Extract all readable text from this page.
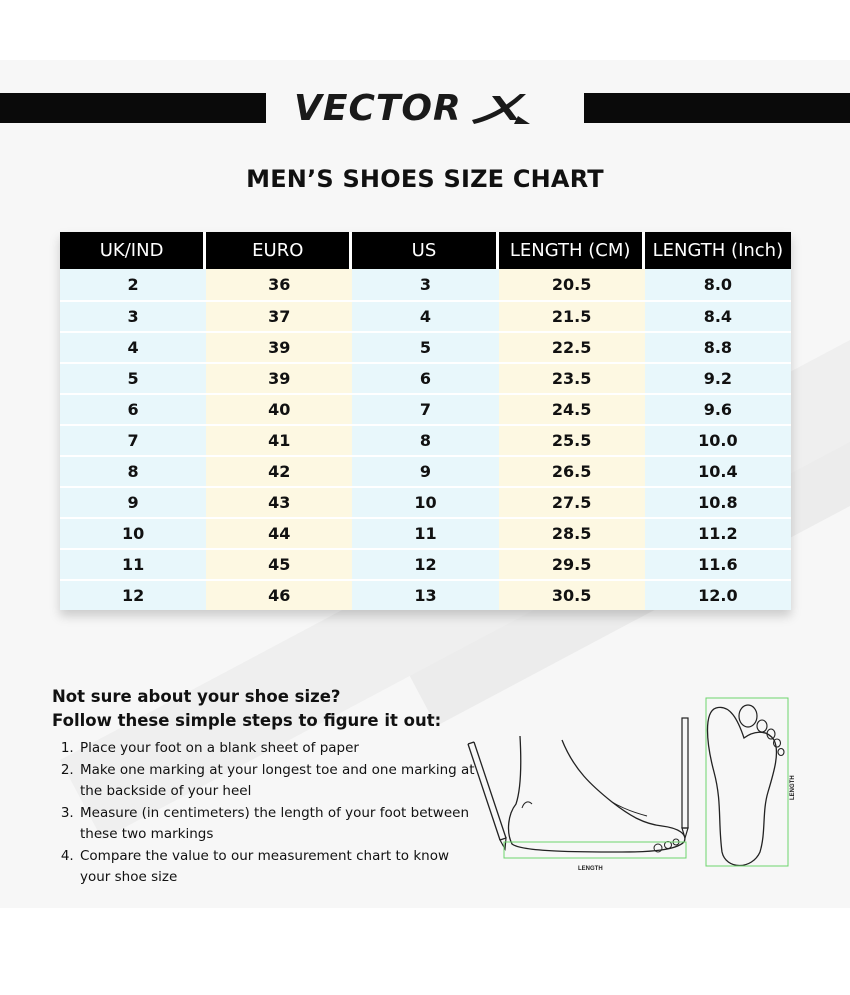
VECTOR
MEN’S SHOES SIZE CHART
UK/IND	EURO	US	LENGTH (CM)	LENGTH (Inch)
2	36	3	20.5	8.0
3	37	4	21.5	8.4
4	39	5	22.5	8.8
5	39	6	23.5	9.2
6	40	7	24.5	9.6
7	41	8	25.5	10.0
8	42	9	26.5	10.4
9	43	10	27.5	10.8
10	44	11	28.5	11.2
11	45	12	29.5	11.6
12	46	13	30.5	12.0
Not sure about your shoe size?
Follow these simple steps to figure it out:
1. Place your foot on a blank sheet of paper
2. Make one marking at your longest toe and one marking at the backside of your heel
3. Measure (in centimeters) the length of your foot between these two markings
4. Compare the value to our measurement chart to know your shoe size	LENGTH
LENGTH
